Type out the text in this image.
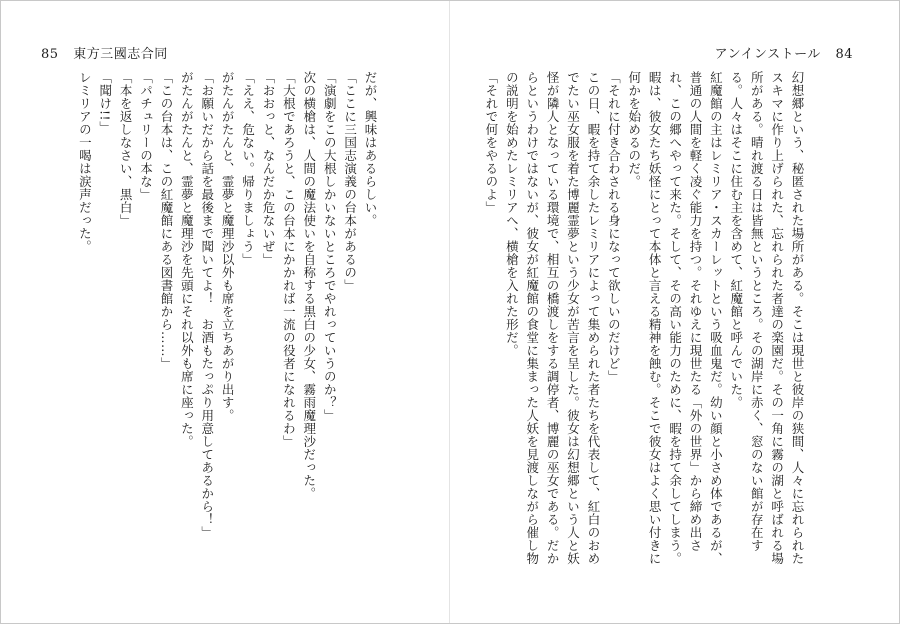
85 東方三國志合同

だが、興味はあるらしい。

「ここに三国志演義の台本があるの」

「演劇をこの大根しかいないところでやれっていうのか？」

次の横槍は、人間の魔法使いを自称する黒白の少女、霧雨魔理沙だった。

「大根であろうと、この台本にかかれば一流の役者になれるわ」

「おおっと、なんだか危ないぜ」

「ええ、危ない。帰りましょう」

がたんがたんと、霊夢と魔理沙以外も席を立ちあがり出す。

「お願いだから話を最後まで聞いてよ！　お酒もたっぷり用意してあるから！」

がたんがたんと、霊夢と魔理沙を先頭にそれ以外も席に座った。

「この台本は、この紅魔館にある図書館から……」

「パチュリーの本な」

「本を返しなさい、黒白」

「聞け!!」

レミリアの一喝は涙声だった。

アンインストール 84

幻想郷という、秘匿された場所がある。そこは現世と彼岸の狭間、人々に忘れられたスキマに作り上げられた、忘れられた者達の楽園だ。その一角に霧の湖と呼ばれる場所がある。晴れ渡る日は皆無というところ。その湖岸に赤く、窓のない館が存在する。人々はそこに住む主を含めて、紅魔館と呼んでいた。

紅魔館の主はレミリア・スカーレットという吸血鬼だ。幼い顔と小さめ体であるが、普通の人間を軽く凌ぐ能力を持つ。それゆえに現世たる「外の世界」から締め出され、この郷へやって来た。そして、その高い能力のために、暇を持て余してしまう。暇は、彼女たち妖怪にとって本体と言える精神を蝕む。そこで彼女はよく思い付きに何かを始めるのだ。

「それに付き合わされる身になって欲しいのだけど」

この日、暇を持て余したレミリアによって集められた者たちを代表して、紅白のおめでたい巫女服を着た博麗霊夢という少女が苦言を呈した。彼女は幻想郷という人と妖怪が隣人となっている環境で、相互の橋渡しをする調停者、博麗の巫女である。だからというわけではないが、彼女が紅魔館の食堂に集まった人妖を見渡しながら催し物の説明を始めたレミリアへ、横槍を入れた形だ。

「それで何をやるのよ」
